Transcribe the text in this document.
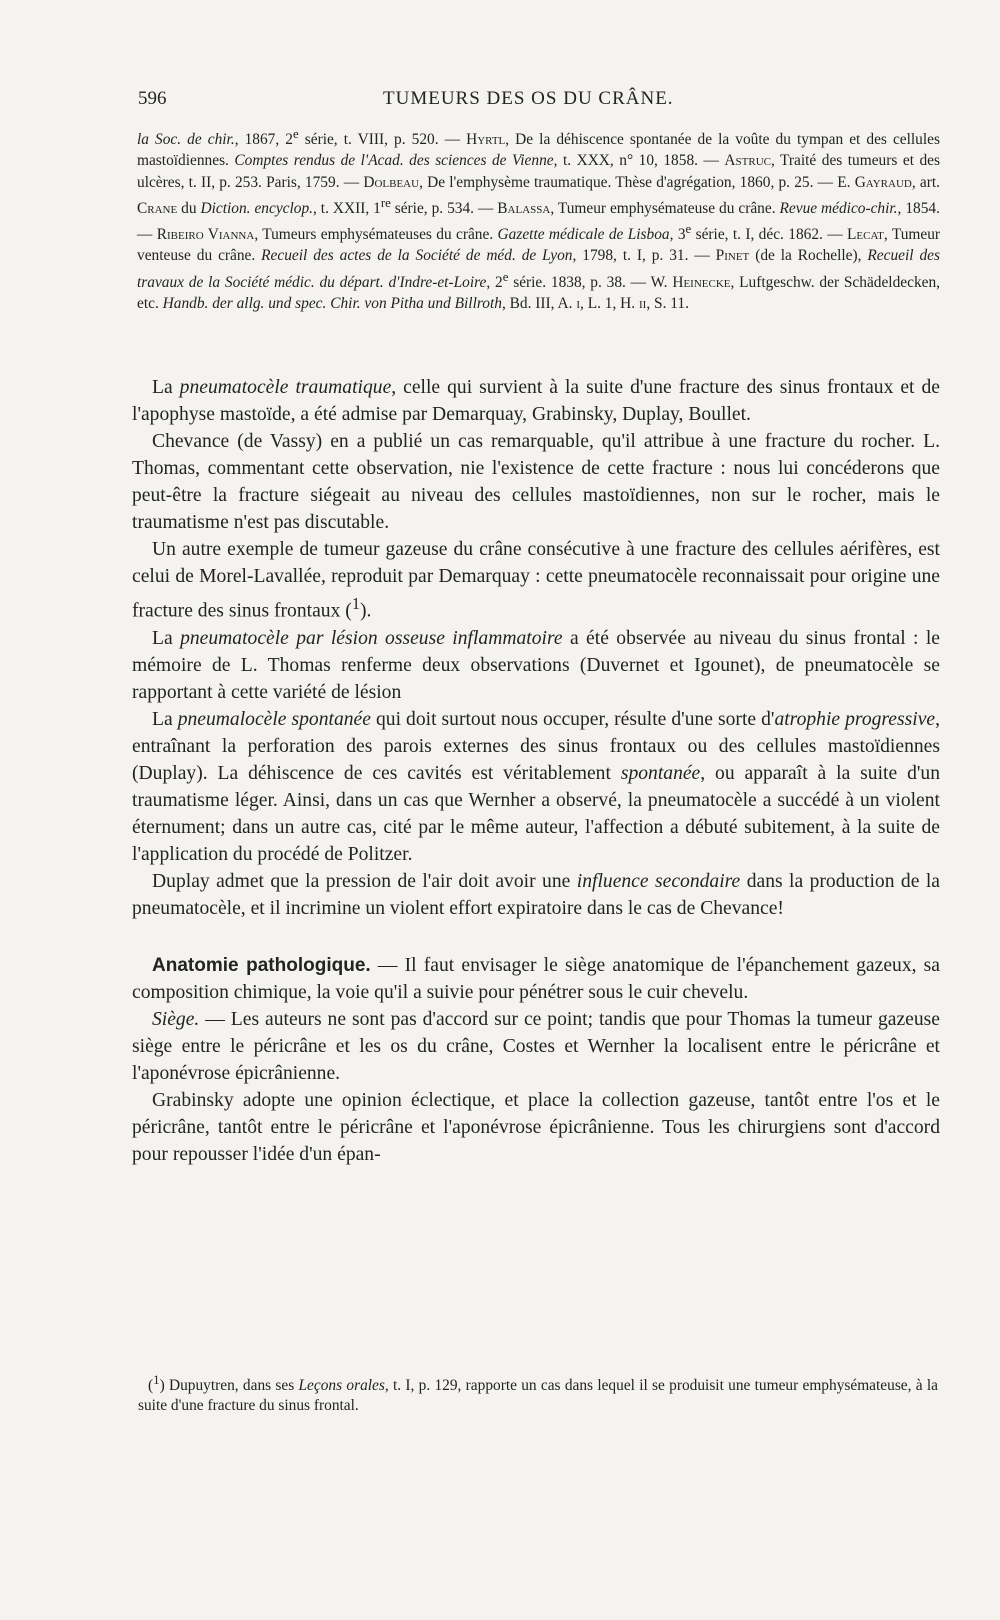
596	TUMEURS DES OS DU CRÂNE.

la Soc. de chir., 1867, 2e série, t. VIII, p. 520. — Hyrtl, De la déhiscence spontanée de la voûte du tympan et des cellules mastoïdiennes. Comptes rendus de l'Acad. des sciences de Vienne, t. XXX, n° 10, 1858. — Astruc, Traité des tumeurs et des ulcères, t. II, p. 253. Paris, 1759. — Dolbeau, De l'emphysème traumatique. Thèse d'agrégation, 1860, p. 25. — E. Gayraud, art. Crane du Diction. encyclop., t. XXII, 1re série, p. 534. — Balassa, Tumeur emphysémateuse du crâne. Revue médico-chir., 1854. — Ribeiro Vianna, Tumeurs emphysémateuses du crâne. Gazette médicale de Lisboa, 3e série, t. I, déc. 1862. — Lecat, Tumeur venteuse du crâne. Recueil des actes de la Société de méd. de Lyon, 1798, t. I, p. 31. — Pinet (de la Rochelle), Recueil des travaux de la Société médic. du départ. d'Indre-et-Loire, 2e série. 1838, p. 38. — W. Heinecke, Luftgeschw. der Schädeldecken, etc. Handb. der allg. und spec. Chir. von Pitha und Billroth, Bd. III, A. i, L. 1, H. ii, S. 11.

La pneumatocèle traumatique, celle qui survient à la suite d'une fracture des sinus frontaux et de l'apophyse mastoïde, a été admise par Demarquay, Grabinsky, Duplay, Boullet.

Chevance (de Vassy) en a publié un cas remarquable, qu'il attribue à une fracture du rocher. L. Thomas, commentant cette observation, nie l'existence de cette fracture : nous lui concéderons que peut-être la fracture siégeait au niveau des cellules mastoïdiennes, non sur le rocher, mais le traumatisme n'est pas discutable.

Un autre exemple de tumeur gazeuse du crâne consécutive à une fracture des cellules aérifères, est celui de Morel-Lavallée, reproduit par Demarquay : cette pneumatocèle reconnaissait pour origine une fracture des sinus frontaux ($^1$).

La pneumatocèle par lésion osseuse inflammatoire a été observée au niveau du sinus frontal : le mémoire de L. Thomas renferme deux observations (Duvernet et Igounet), de pneumatocèle se rapportant à cette variété de lésion

La pneumalocèle spontanée qui doit surtout nous occuper, résulte d'une sorte d'atrophie progressive, entraînant la perforation des parois externes des sinus frontaux ou des cellules mastoïdiennes (Duplay). La déhiscence de ces cavités est véritablement spontanée, ou apparaît à la suite d'un traumatisme léger. Ainsi, dans un cas que Wernher a observé, la pneumatocèle a succédé à un violent éternument; dans un autre cas, cité par le même auteur, l'affection a débuté subitement, à la suite de l'application du procédé de Politzer.

Duplay admet que la pression de l'air doit avoir une influence secondaire dans la production de la pneumatocèle, et il incrimine un violent effort expiratoire dans le cas de Chevance!

Anatomie pathologique. — Il faut envisager le siège anatomique de l'épanchement gazeux, sa composition chimique, la voie qu'il a suivie pour pénétrer sous le cuir chevelu.

Siège. — Les auteurs ne sont pas d'accord sur ce point; tandis que pour Thomas la tumeur gazeuse siège entre le péricrâne et les os du crâne, Costes et Wernher la localisent entre le péricrâne et l'aponévrose épicrânienne.

Grabinsky adopte une opinion éclectique, et place la collection gazeuse, tantôt entre l'os et le péricrâne, tantôt entre le péricrâne et l'aponévrose épicrânienne. Tous les chirurgiens sont d'accord pour repousser l'idée d'un épan-

($^1$) Dupuytren, dans ses Leçons orales, t. I, p. 129, rapporte un cas dans lequel il se produisit une tumeur emphysémateuse, à la suite d'une fracture du sinus frontal.
